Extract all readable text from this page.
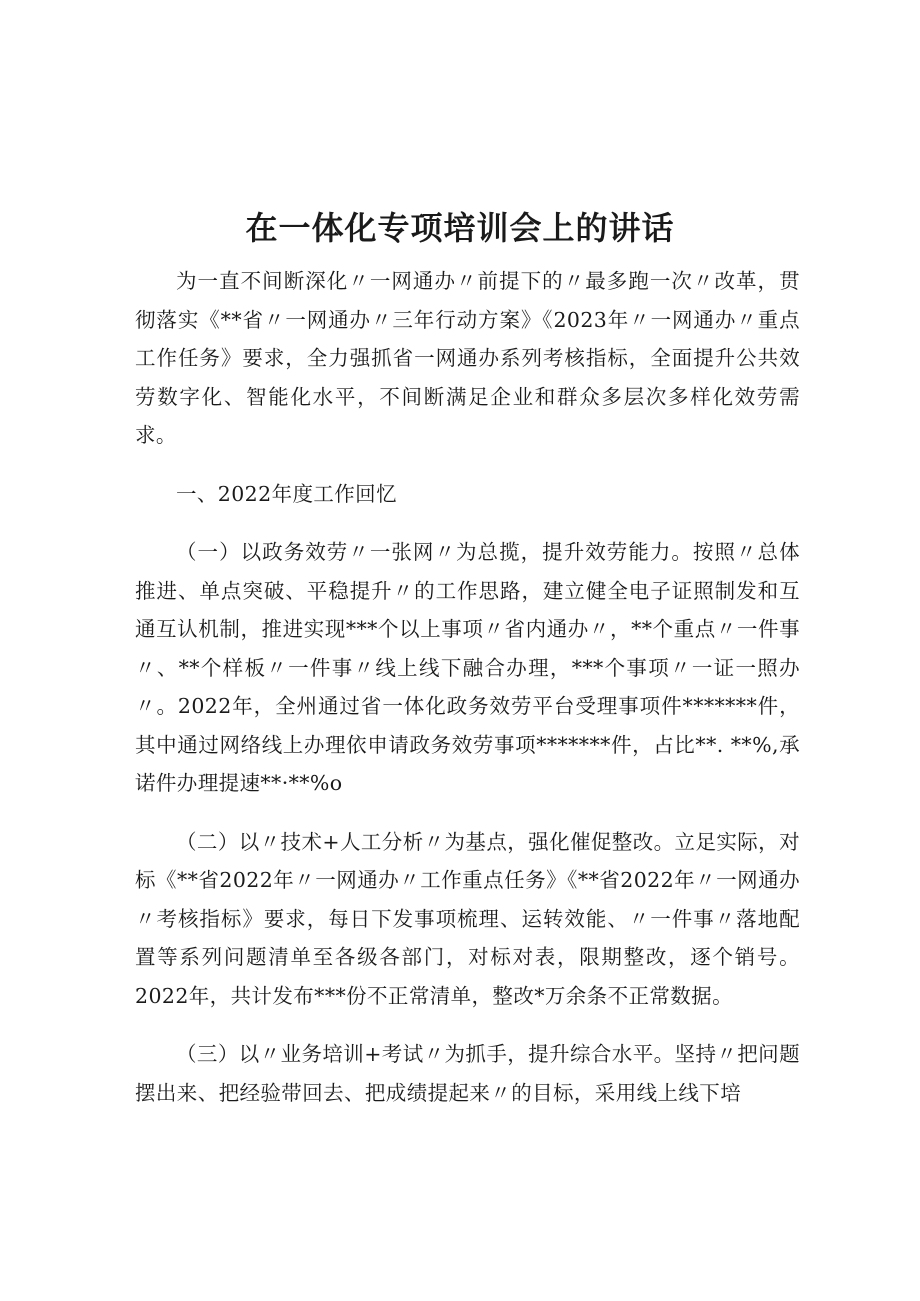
在一体化专项培训会上的讲话

为一直不间断深化〃一网通办〃前提下的〃最多跑一次〃改革，贯彻落实《**省〃一网通办〃三年行动方案》《2023年〃一网通办〃重点工作任务》要求，全力强抓省一网通办系列考核指标，全面提升公共效劳数字化、智能化水平，不间断满足企业和群众多层次多样化效劳需求。

一、2022年度工作回忆

（一）以政务效劳〃一张网〃为总揽，提升效劳能力。按照〃总体推进、单点突破、平稳提升〃的工作思路，建立健全电子证照制发和互通互认机制，推进实现***个以上事项〃省内通办〃，**个重点〃一件事〃、**个样板〃一件事〃线上线下融合办理，***个事项〃一证一照办〃。2022年，全州通过省一体化政务效劳平台受理事项件*******件，其中通过网络线上办理依申请政务效劳事项*******件，占比**. **%,承诺件办理提速**·**%o

（二）以〃技术+人工分析〃为基点，强化催促整改。立足实际，对标《**省2022年〃一网通办〃工作重点任务》《**省2022年〃一网通办〃考核指标》要求，每日下发事项梳理、运转效能、〃一件事〃落地配置等系列问题清单至各级各部门，对标对表，限期整改，逐个销号。2022年，共计发布***份不正常清单，整改*万余条不正常数据。

（三）以〃业务培训+考试〃为抓手，提升综合水平。坚持〃把问题摆出来、把经验带回去、把成绩提起来〃的目标，采用线上线下培
